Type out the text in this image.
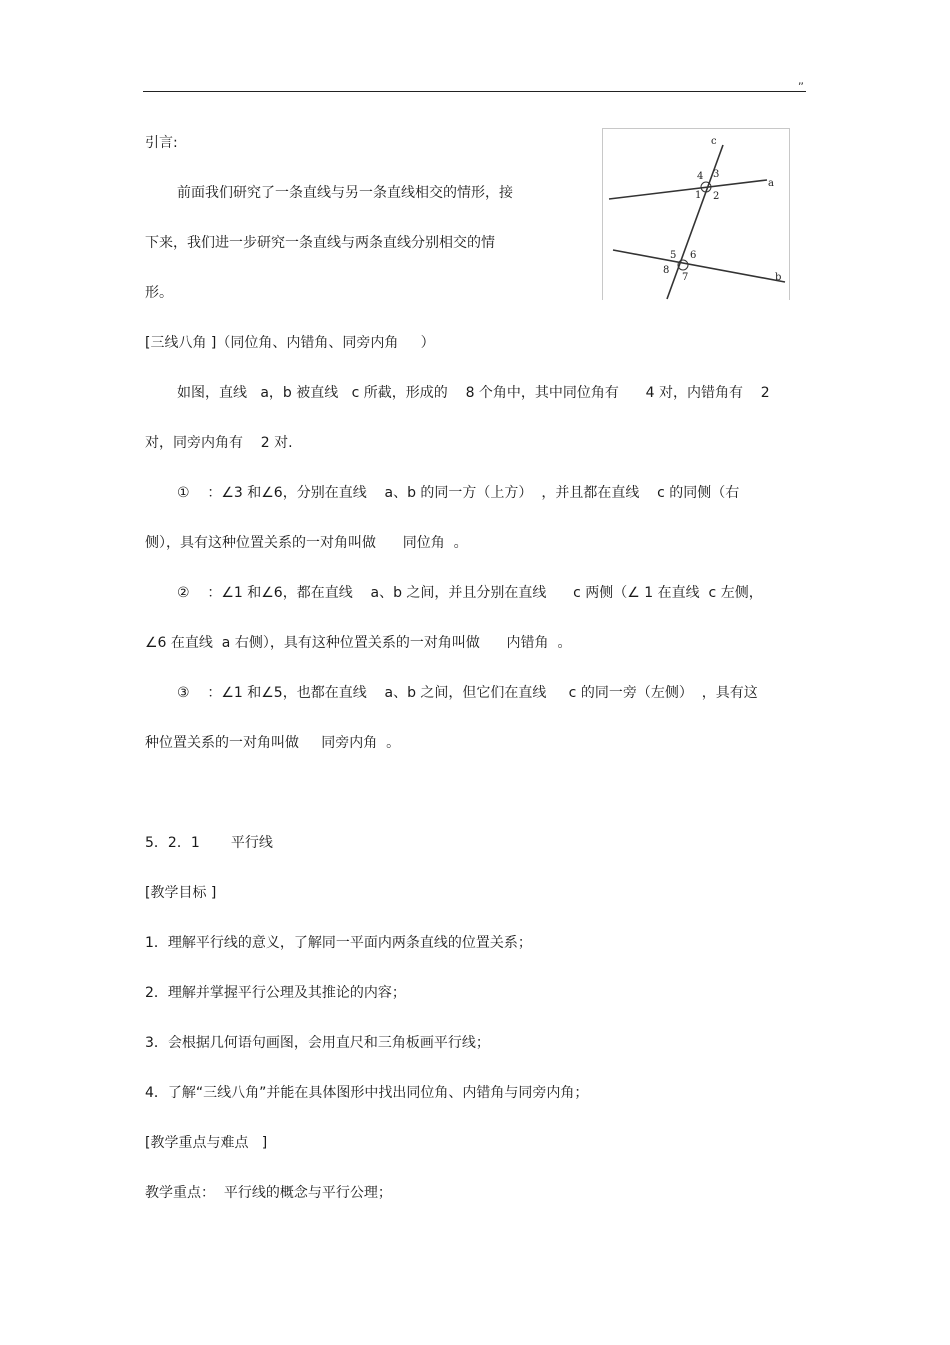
,,
c
a
b
1 2
3
4
5 6
7
8
引言:
前面我们研究了一条直线与另一条直线相交的情形，接
下来，我们进一步研究一条直线与两条直线分别相交的情
形。
[三线八角 ]（同位角、内错角、同旁内角     ）
如图，直线   a，b 被直线   c 所截，形成的    8 个角中，其中同位角有      4 对，内错角有    2
对，同旁内角有    2 对.
①    ：∠3 和∠6，分别在直线    a、b 的同一方（上方）  ，并且都在直线    c 的同侧（右
侧），具有这种位置关系的一对角叫做      同位角  。
②    ：∠1 和∠6，都在直线    a、b 之间，并且分别在直线      c 两侧（∠ 1 在直线  c 左侧，
∠6 在直线  a 右侧），具有这种位置关系的一对角叫做      内错角  。
③    ：∠1 和∠5，也都在直线    a、b 之间，但它们在直线     c 的同一旁（左侧）  ，具有这
种位置关系的一对角叫做     同旁内角  。
5．2．1       平行线
[教学目标 ]
1．理解平行线的意义，了解同一平面内两条直线的位置关系；
2．理解并掌握平行公理及其推论的内容；
3．会根据几何语句画图，会用直尺和三角板画平行线；
4．了解“三线八角”并能在具体图形中找出同位角、内错角与同旁内角；
[教学重点与难点   ]
教学重点：  平行线的概念与平行公理；
